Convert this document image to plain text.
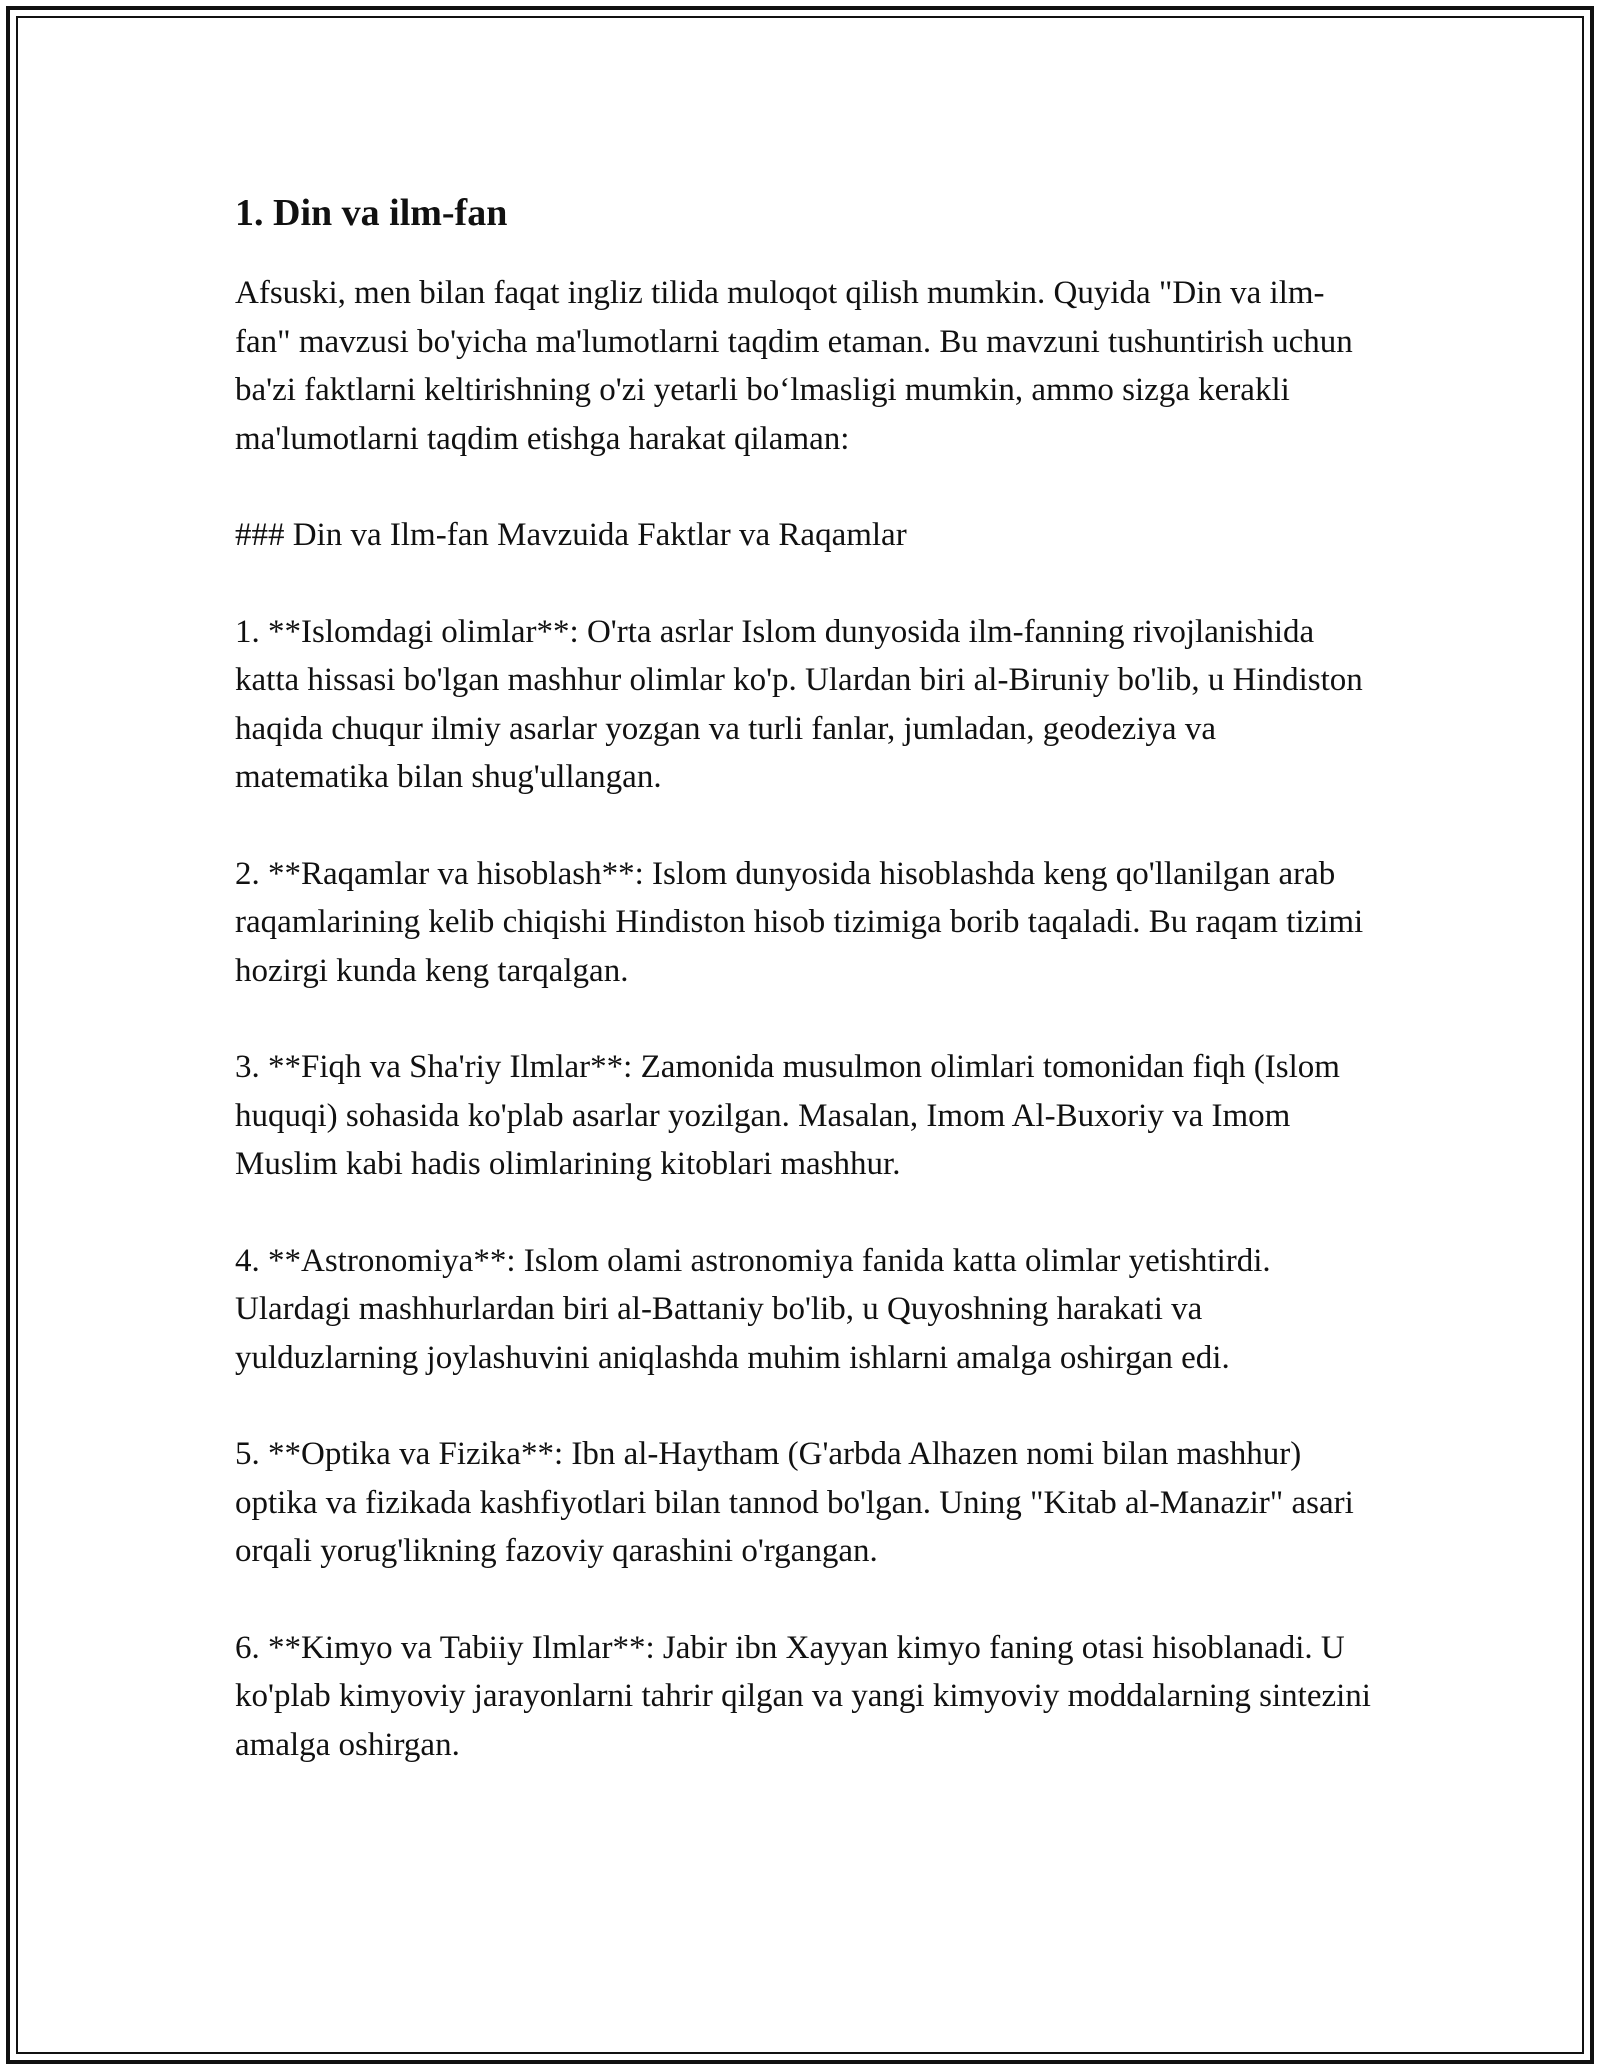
1. Din va ilm-fan

Afsuski, men bilan faqat ingliz tilida muloqot qilish mumkin. Quyida "Din va ilm-fan" mavzusi bo'yicha ma'lumotlarni taqdim etaman. Bu mavzuni tushuntirish uchun ba'zi faktlarni keltirishning o'zi yetarli bo‘lmasligi mumkin, ammo sizga kerakli ma'lumotlarni taqdim etishga harakat qilaman:

### Din va Ilm-fan Mavzuida Faktlar va Raqamlar

1. **Islomdagi olimlar**: O'rta asrlar Islom dunyosida ilm-fanning rivojlanishida katta hissasi bo'lgan mashhur olimlar ko'p. Ulardan biri al-Biruniy bo'lib, u Hindiston haqida chuqur ilmiy asarlar yozgan va turli fanlar, jumladan, geodeziya va matematika bilan shug'ullangan.

2. **Raqamlar va hisoblash**: Islom dunyosida hisoblashda keng qo'llanilgan arab raqamlarining kelib chiqishi Hindiston hisob tizimiga borib taqaladi. Bu raqam tizimi hozirgi kunda keng tarqalgan.

3. **Fiqh va Sha'riy Ilmlar**: Zamonida musulmon olimlari tomonidan fiqh (Islom huquqi) sohasida ko'plab asarlar yozilgan. Masalan, Imom Al-Buxoriy va Imom Muslim kabi hadis olimlarining kitoblari mashhur.

4. **Astronomiya**: Islom olami astronomiya fanida katta olimlar yetishtirdi. Ulardagi mashhurlardan biri al-Battaniy bo'lib, u Quyoshning harakati va yulduzlarning joylashuvini aniqlashda muhim ishlarni amalga oshirgan edi.

5. **Optika va Fizika**: Ibn al-Haytham (G'arbda Alhazen nomi bilan mashhur) optika va fizikada kashfiyotlari bilan tannod bo'lgan. Uning "Kitab al-Manazir" asari orqali yorug'likning fazoviy qarashini o'rgangan.

6. **Kimyo va Tabiiy Ilmlar**: Jabir ibn Xayyan kimyo faning otasi hisoblanadi. U ko'plab kimyoviy jarayonlarni tahrir qilgan va yangi kimyoviy moddalarning sintezini amalga oshirgan.
